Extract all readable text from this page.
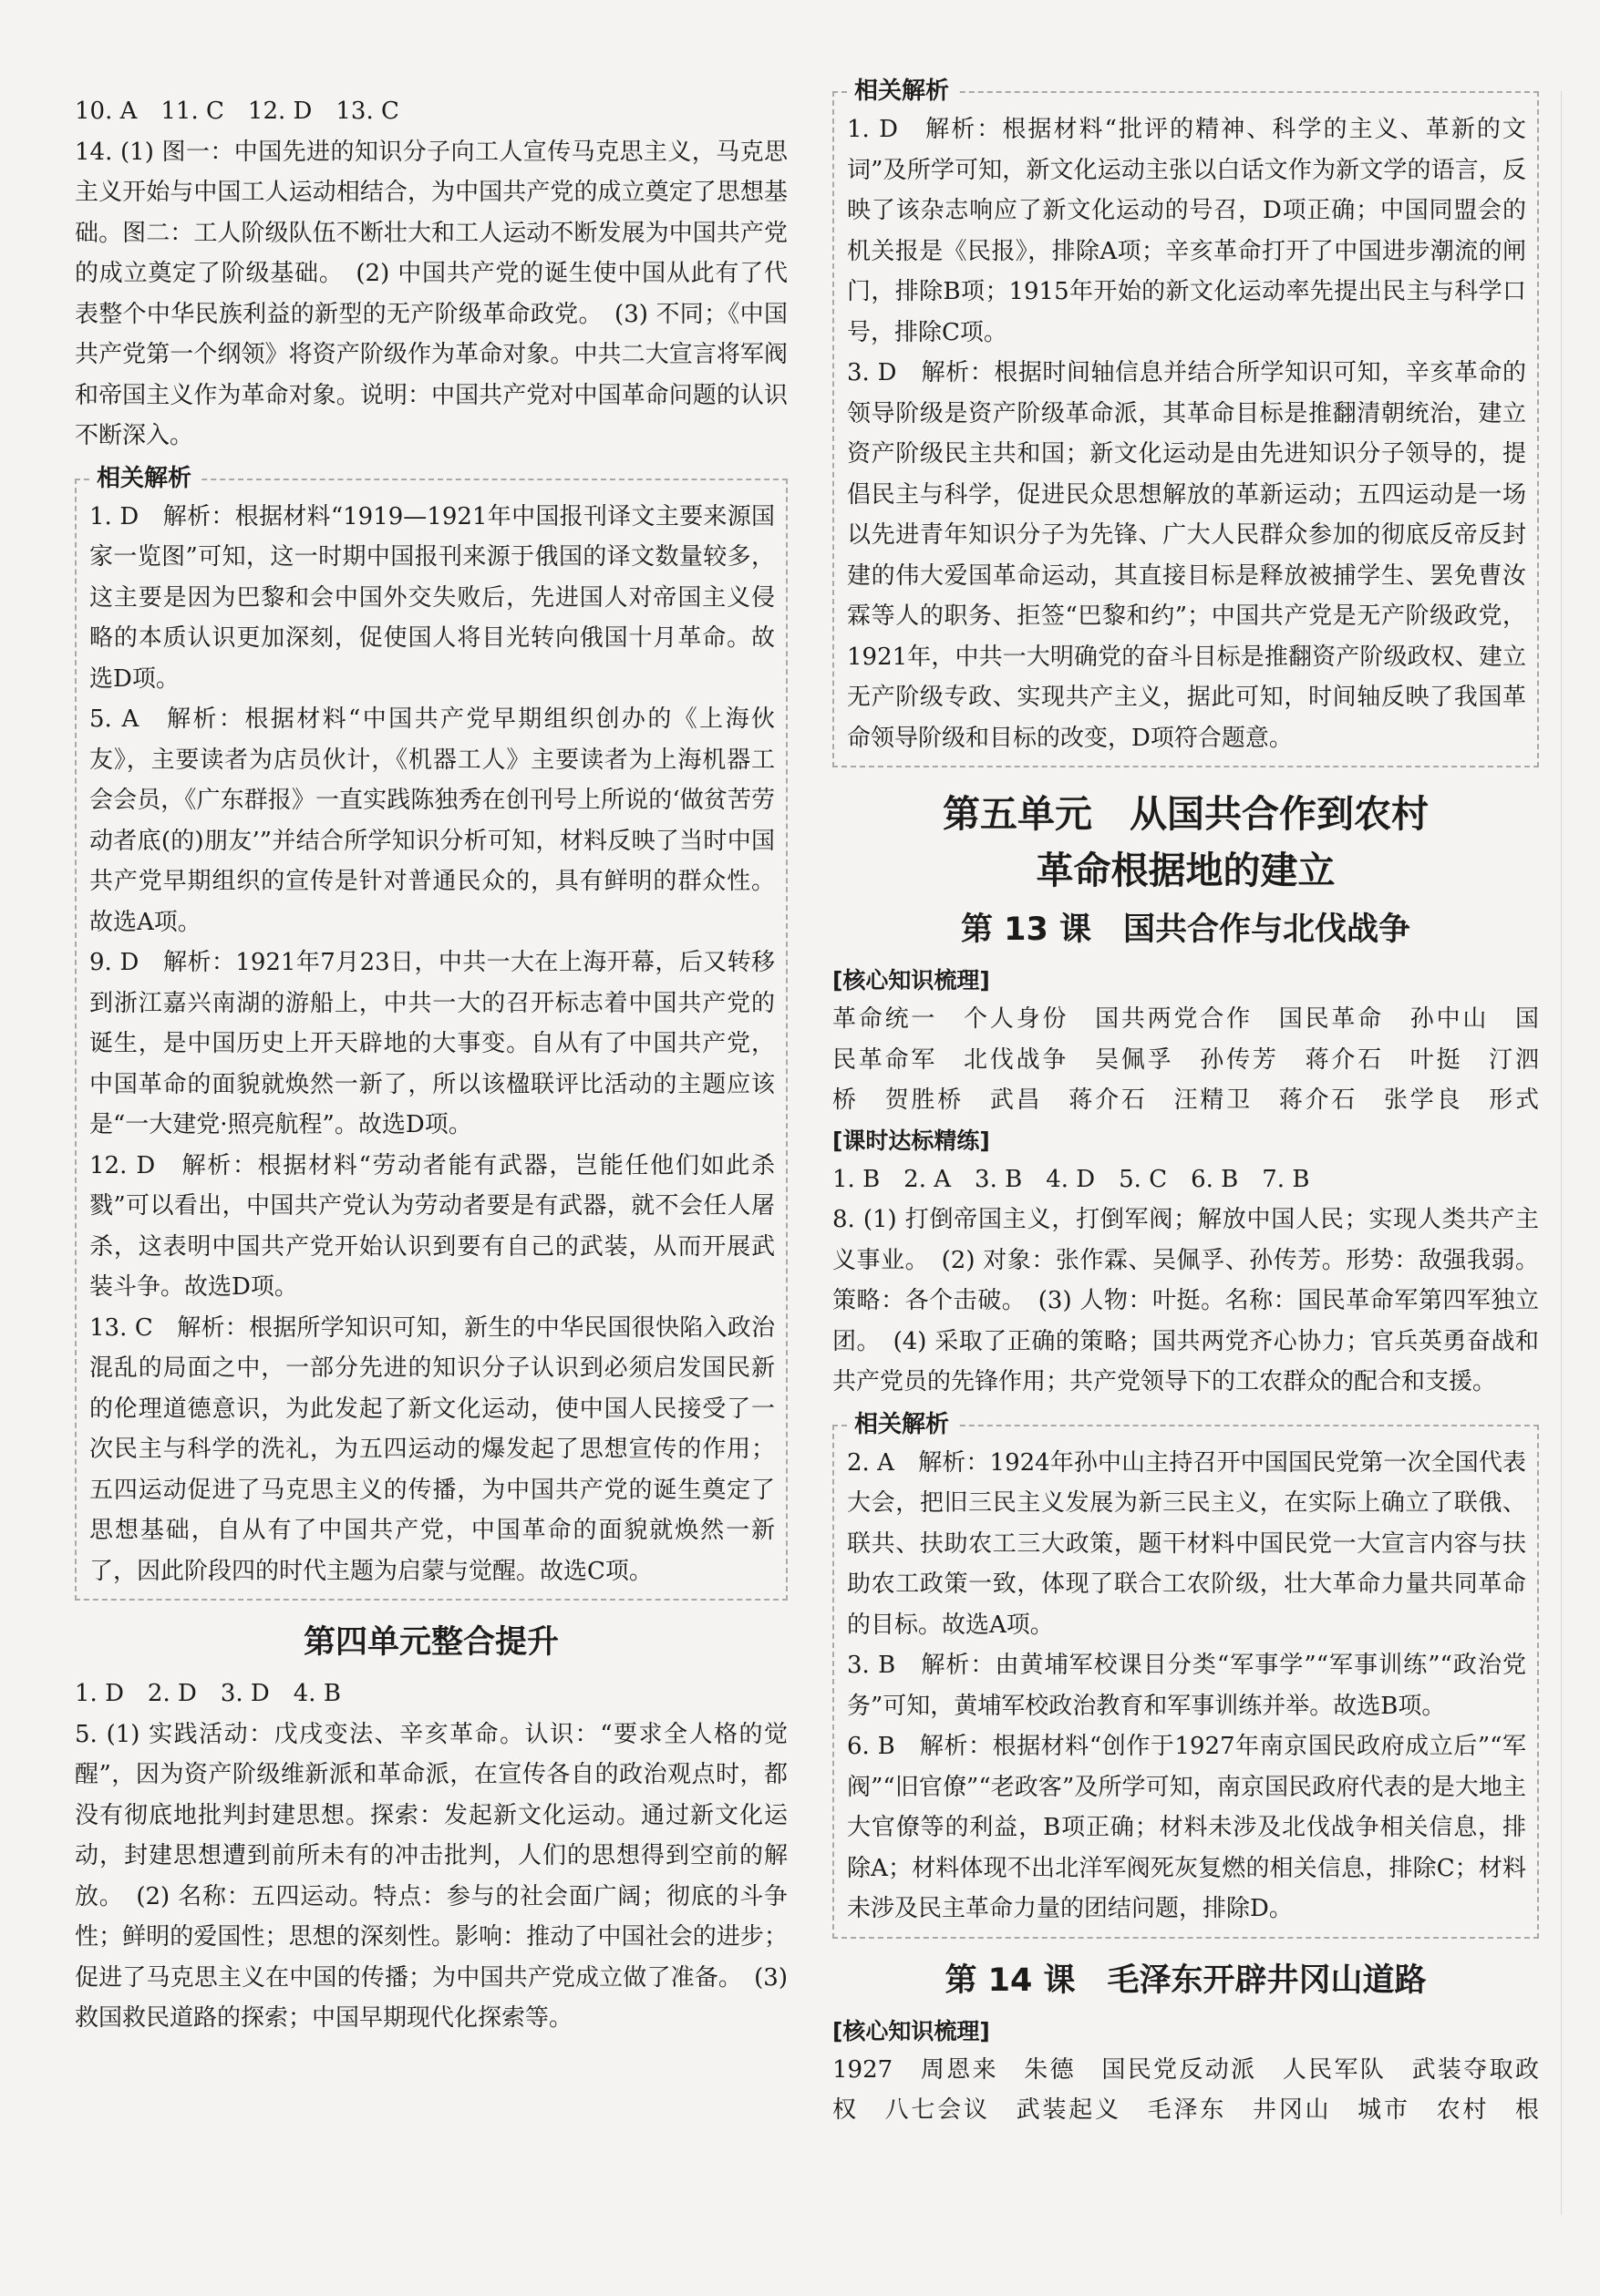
10. A　11. C　12. D　13. C

14. (1) 图一：中国先进的知识分子向工人宣传马克思主义，马克思主义开始与中国工人运动相结合，为中国共产党的成立奠定了思想基础。图二：工人阶级队伍不断壮大和工人运动不断发展为中国共产党的成立奠定了阶级基础。　(2) 中国共产党的诞生使中国从此有了代表整个中华民族利益的新型的无产阶级革命政党。　(3) 不同；《中国共产党第一个纲领》将资产阶级作为革命对象。中共二大宣言将军阀和帝国主义作为革命对象。说明：中国共产党对中国革命问题的认识不断深入。

相关解析

1. D　解析：根据材料“1919—1921年中国报刊译文主要来源国家一览图”可知，这一时期中国报刊来源于俄国的译文数量较多，这主要是因为巴黎和会中国外交失败后，先进国人对帝国主义侵略的本质认识更加深刻，促使国人将目光转向俄国十月革命。故选D项。

5. A　解析：根据材料“中国共产党早期组织创办的《上海伙友》，主要读者为店员伙计，《机器工人》主要读者为上海机器工会会员，《广东群报》一直实践陈独秀在创刊号上所说的‘做贫苦劳动者底(的)朋友’”并结合所学知识分析可知，材料反映了当时中国共产党早期组织的宣传是针对普通民众的，具有鲜明的群众性。故选A项。

9. D　解析：1921年7月23日，中共一大在上海开幕，后又转移到浙江嘉兴南湖的游船上，中共一大的召开标志着中国共产党的诞生，是中国历史上开天辟地的大事变。自从有了中国共产党，中国革命的面貌就焕然一新了，所以该楹联评比活动的主题应该是“一大建党·照亮航程”。故选D项。

12. D　解析：根据材料“劳动者能有武器，岂能任他们如此杀戮”可以看出，中国共产党认为劳动者要是有武器，就不会任人屠杀，这表明中国共产党开始认识到要有自己的武装，从而开展武装斗争。故选D项。

13. C　解析：根据所学知识可知，新生的中华民国很快陷入政治混乱的局面之中，一部分先进的知识分子认识到必须启发国民新的伦理道德意识，为此发起了新文化运动，使中国人民接受了一次民主与科学的洗礼，为五四运动的爆发起了思想宣传的作用；五四运动促进了马克思主义的传播，为中国共产党的诞生奠定了思想基础，自从有了中国共产党，中国革命的面貌就焕然一新了，因此阶段四的时代主题为启蒙与觉醒。故选C项。

第四单元整合提升

1. D　2. D　3. D　4. B

5. (1) 实践活动：戊戌变法、辛亥革命。认识：“要求全人格的觉醒”，因为资产阶级维新派和革命派，在宣传各自的政治观点时，都没有彻底地批判封建思想。探索：发起新文化运动。通过新文化运动，封建思想遭到前所未有的冲击批判，人们的思想得到空前的解放。　(2) 名称：五四运动。特点：参与的社会面广阔；彻底的斗争性；鲜明的爱国性；思想的深刻性。影响：推动了中国社会的进步；促进了马克思主义在中国的传播；为中国共产党成立做了准备。　(3) 救国救民道路的探索；中国早期现代化探索等。

相关解析

1. D　解析：根据材料“批评的精神、科学的主义、革新的文词”及所学可知，新文化运动主张以白话文作为新文学的语言，反映了该杂志响应了新文化运动的号召，D项正确；中国同盟会的机关报是《民报》，排除A项；辛亥革命打开了中国进步潮流的闸门，排除B项；1915年开始的新文化运动率先提出民主与科学口号，排除C项。

3. D　解析：根据时间轴信息并结合所学知识可知，辛亥革命的领导阶级是资产阶级革命派，其革命目标是推翻清朝统治，建立资产阶级民主共和国；新文化运动是由先进知识分子领导的，提倡民主与科学，促进民众思想解放的革新运动；五四运动是一场以先进青年知识分子为先锋、广大人民群众参加的彻底反帝反封建的伟大爱国革命运动，其直接目标是释放被捕学生、罢免曹汝霖等人的职务、拒签“巴黎和约”；中国共产党是无产阶级政党，1921年，中共一大明确党的奋斗目标是推翻资产阶级政权、建立无产阶级专政、实现共产主义，据此可知，时间轴反映了我国革命领导阶级和目标的改变，D项符合题意。

第五单元　从国共合作到农村
革命根据地的建立
第 13 课　国共合作与北伐战争
[核心知识梳理]

革命统一　个人身份　国共两党合作　国民革命　孙中山　国

民革命军　北伐战争　吴佩孚　孙传芳　蒋介石　叶挺　汀泗

桥　贺胜桥　武昌　蒋介石　汪精卫　蒋介石　张学良　形式

[课时达标精练]

1. B　2. A　3. B　4. D　5. C　6. B　7. B

8. (1) 打倒帝国主义，打倒军阀；解放中国人民；实现人类共产主义事业。　(2) 对象：张作霖、吴佩孚、孙传芳。形势：敌强我弱。策略：各个击破。　(3) 人物：叶挺。名称：国民革命军第四军独立团。　(4) 采取了正确的策略；国共两党齐心协力；官兵英勇奋战和共产党员的先锋作用；共产党领导下的工农群众的配合和支援。

相关解析

2. A　解析：1924年孙中山主持召开中国国民党第一次全国代表大会，把旧三民主义发展为新三民主义，在实际上确立了联俄、联共、扶助农工三大政策，题干材料中国民党一大宣言内容与扶助农工政策一致，体现了联合工农阶级，壮大革命力量共同革命的目标。故选A项。

3. B　解析：由黄埔军校课目分类“军事学”“军事训练”“政治党务”可知，黄埔军校政治教育和军事训练并举。故选B项。

6. B　解析：根据材料“创作于1927年南京国民政府成立后”“军阀”“旧官僚”“老政客”及所学可知，南京国民政府代表的是大地主大官僚等的利益，B项正确；材料未涉及北伐战争相关信息，排除A；材料体现不出北洋军阀死灰复燃的相关信息，排除C；材料未涉及民主革命力量的团结问题，排除D。

第 14 课　毛泽东开辟井冈山道路
[核心知识梳理]

1927　周恩来　朱德　国民党反动派　人民军队　武装夺取政

权　八七会议　武装起义　毛泽东　井冈山　城市　农村　根
